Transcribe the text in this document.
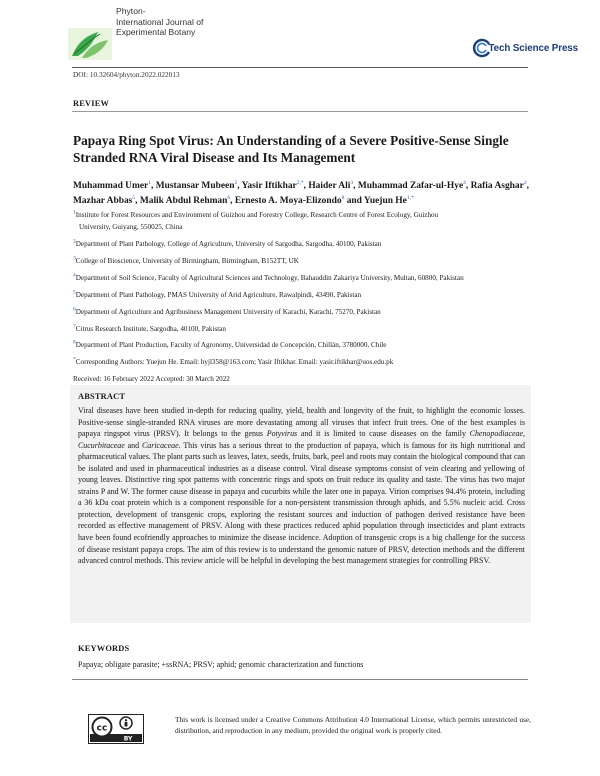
Phyton-
International Journal of
Experimental Botany
Tech Science Press
DOI: 10.32604/phyton.2022.022013
REVIEW
Papaya Ring Spot Virus: An Understanding of a Severe Positive-Sense Single Stranded RNA Viral Disease and Its Management
Muhammad Umer$^1$, Mustansar Mubeen$^2$, Yasir Iftikhar$^{2,*}$, Haider Ali$^3$, Muhammad Zafar-ul-Hye$^4$, Rafia Asghar$^2$, Mazhar Abbas$^5$, Malik Abdul Rehman$^6$, Ernesto A. Moya-Elizondo$^8$ and Yuejun $He^{1,*}$
$^1$Institute for Forest Resources and Environment of Guizhou and Forestry College, Research Centre of Forest Ecology, Guizhou
University, Guiyang, 550025, China
$^2$Department of Plant Pathology, College of Agriculture, University of Sargodha, Sargodha, 40100, Pakistan
$^3$College of Bioscience, University of Birmingham, Birmingham, B152TT, UK
$^4$Department of Soil Science, Faculty of Agricultural Sciences and Technology, Bahauddin Zakariya University, Multan, 60800, Pakistan
$^5$Department of Plant Pathology, PMAS University of Arid Agriculture, Rawalpindi, 43490, Pakistan
$^6$Department of Agriculture and Agribusiness Management University of Karachi, Karachi, 75270, Pakistan
$^7$Citrus Research Institute, Sargodha, 40100, Pakistan
$^8$Department of Plant Production, Faculty of Agronomy, Universidad de Concepción, Chillán, 3780000, Chile
*Corresponding Authors: Yuejun He. Email: hyjl358@163.com; Yasir Iftikhar. Email: yasir.iftikhar@uos.edu.pk
Received: 16 February 2022 Accepted: 30 March 2022
ABSTRACT
Viral diseases have been studied in-depth for reducing quality, yield, health and longevity of the fruit, to highlight the economic losses. Positive-sense single-stranded RNA viruses are more devastating among all viruses that infect fruit trees. One of the best examples is papaya ringspot virus (PRSV). It belongs to the genus Potyvirus and it is limited to cause diseases on the family Chenopodiaceae, Cucurbitaceae and Caricaceae. This virus has a serious threat to the production of papaya, which is famous for its high nutritional and pharmaceutical values. The plant parts such as leaves, latex, seeds, fruits, bark, peel and roots may contain the biological compound that can be isolated and used in pharmaceutical industries as a disease control. Viral disease symptoms consist of vein clearing and yellowing of young leaves. Distinctive ring spot patterns with concentric rings and spots on fruit reduce its quality and taste. The virus has two major strains P and W. The former cause disease in papaya and cucurbits while the later one in papaya. Virion comprises 94.4% protein, including a 36 kDa coat protein which is a component responsible for a non-persistent transmission through aphids, and 5.5% nucleic acid. Cross protection, development of transgenic crops, exploring the resistant sources and induction of pathogen derived resistance have been recorded as effective management of PRSV. Along with these practices reduced aphid population through insecticides and plant extracts have been found ecofriendly approaches to minimize the disease incidence. Adoption of transgenic crops is a big challenge for the success of disease resistant papaya crops. The aim of this review is to understand the genomic nature of PRSV, detection methods and the different advanced control methods. This review article will be helpful in developing the best management strategies for controlling PRSV.
KEYWORDS
Papaya; obligate parasite; +ssRNA; PRSV; aphid; genomic characterization and functions
cc
BY
This work is licensed under a Creative Commons Attribution 4.0 International License, which permits unrestricted use, distribution, and reproduction in any medium, provided the original work is properly cited.
